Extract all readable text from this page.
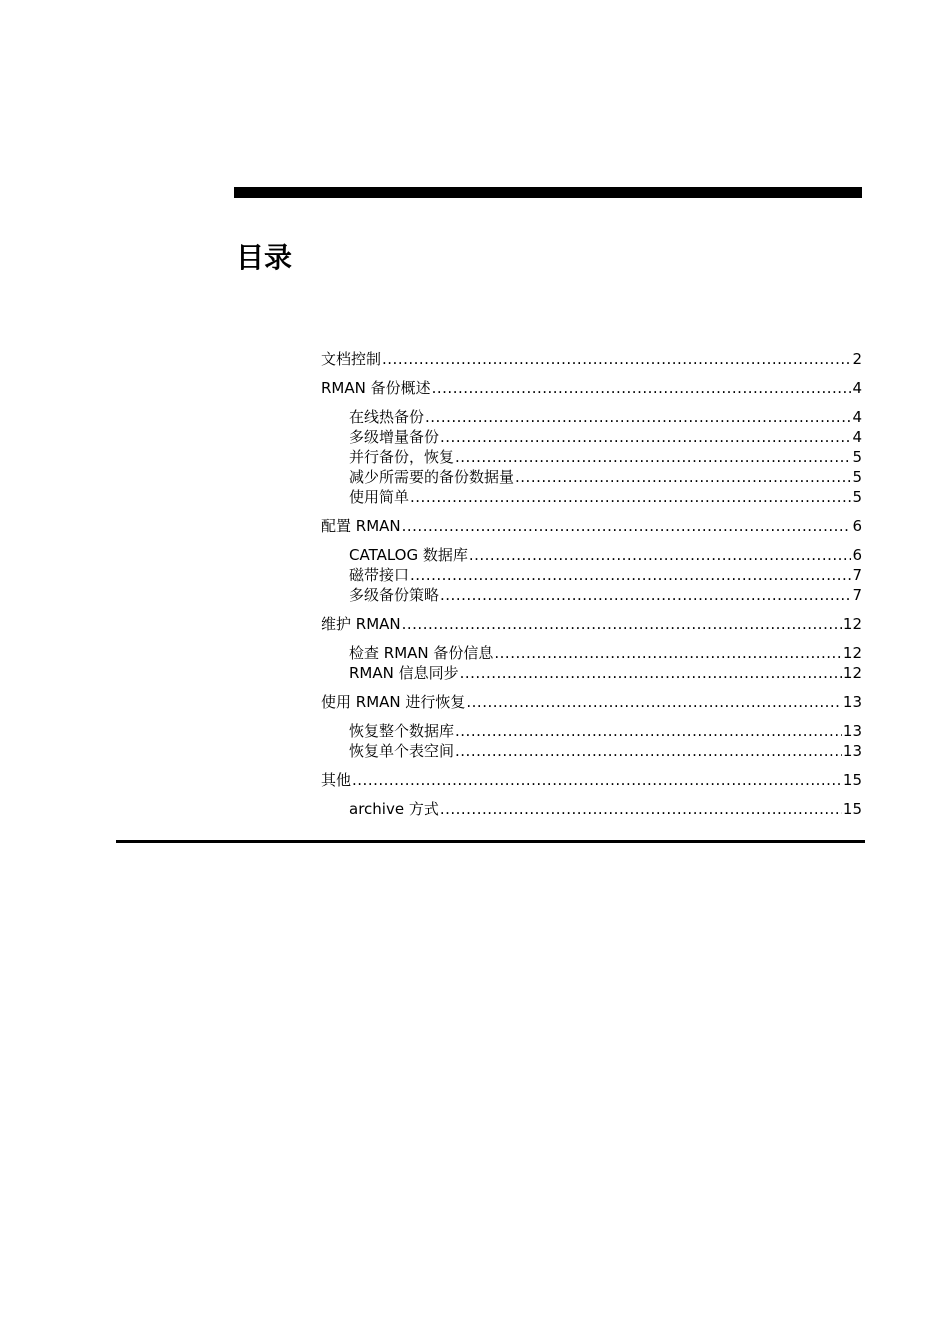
目录
文档控制 .....	2
RMAN 备份概述 .....	4
在线热备份 .....	4
多级增量备份 .....	4
并行备份，恢复 .....	5
减少所需要的备份数据量 .....	5
使用简单 .....	5
配置 RMAN .....	6
CATALOG 数据库 .....	6
磁带接口 .....	7
多级备份策略 .....	7
维护 RMAN .....	12
检查 RMAN 备份信息 .....	12
RMAN 信息同步 .....	12
使用 RMAN 进行恢复 .....	13
恢复整个数据库 .....	13
恢复单个表空间 .....	13
其他 .....	15
archive 方式 .....	15
